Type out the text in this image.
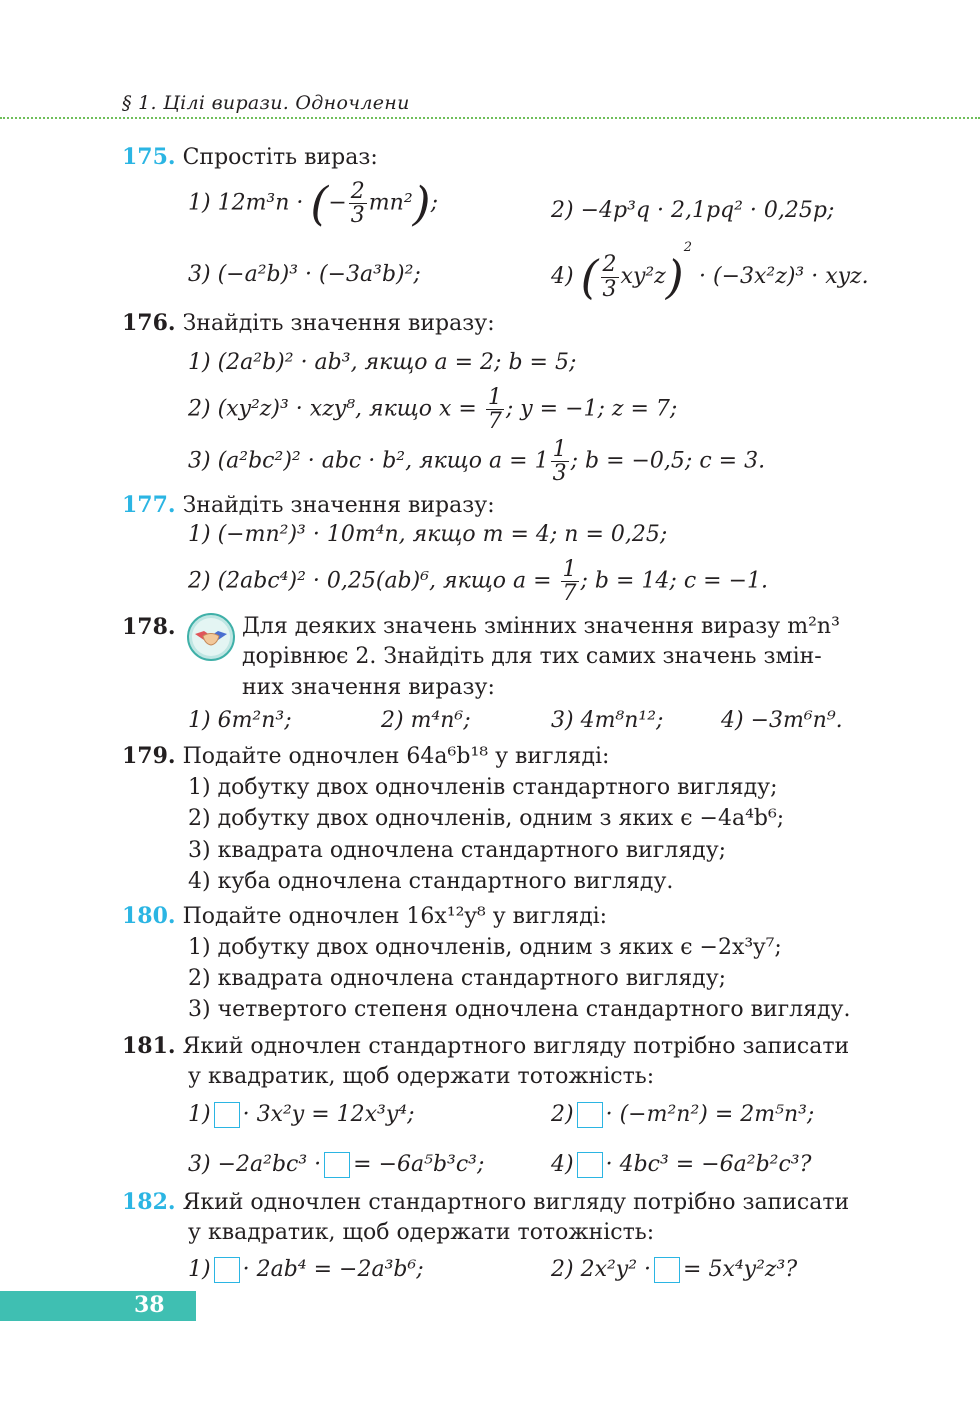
§ 1. Цілі вирази. Одночлени
175. Спростіть вираз:
1) 12m³n · (− $\frac{2}{3} mn^2$);	2) −4p³q · 2,1pq² · 0,25p;
3) (−a²b)³ · (−3a³b)²;	4) ( $\frac{2}{3} xy^2z)^2 \cdot (-3x^2z)^3$ · xyz.
176. Знайдіть значення виразу:
1) (2a²b)² · ab³, якщо a = 2; b = 5;
2) (xy²z)³ · xzy⁸, якщо $x = \frac{1}{7}$ ; y = −1; z = 7;
3) (a²bc²)² · abc · b², якщо $a = 1 \frac{1}{3}$ ; b = −0,5; c = 3.
177. Знайдіть значення виразу:
1) (−mn²)³ · 10m⁴n, якщо m = 4; n = 0,25;
2) (2abc⁴)² · 0,25(ab)⁶, якщо $a = \frac{1}{7}$ ; b = 14; c = −1.
178.	Для деяких значень змінних значення виразу m²n³
дорівнює 2. Знайдіть для тих самих значень змін-
них значення виразу:
1) 6m²n³;	2) m⁴n⁶;	3) 4m⁸n¹²;	4) −3m⁶n⁹.
179. Подайте одночлен 64a⁶b¹⁸ у вигляді:
1) добутку двох одночленів стандартного вигляду;
2) добутку двох одночленів, одним з яких є −4a⁴b⁶;
3) квадрата одночлена стандартного вигляду;
4) куба одночлена стандартного вигляду.
180. Подайте одночлен 16x¹²y⁸ у вигляді:
1) добутку двох одночленів, одним з яких є −2x³y⁷;
2) квадрата одночлена стандартного вигляду;
3) четвертого степеня одночлена стандартного вигляду.
181. Який одночлен стандартного вигляду потрібно записати
у квадратик, щоб одержати тотожність:
1) · 3x²y = 12x³y⁴;	2) · (−m²n²) = 2m⁵n³;
3) −2a²bc³ · = −6a⁵b³c³;	4) · 4bc³ = −6a²b²c³?
182. Який одночлен стандартного вигляду потрібно записати
у квадратик, щоб одержати тотожність:
1) · 2ab⁴ = −2a³b⁶;	2) 2x²y² · = 5x⁴y²z³?
38
